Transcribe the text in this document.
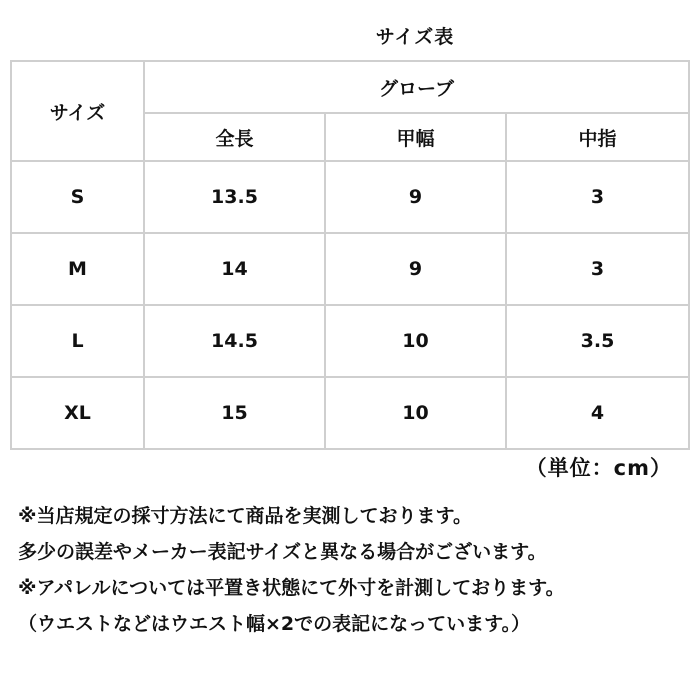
サイズ表
サイズ	グローブ		
	全長	甲幅	中指
S	13.5	9	3
M	14	9	3
L	14.5	10	3.5
XL	15	10	4
（単位：cm）
※当店規定の採寸方法にて商品を実測しております。
多少の誤差やメーカー表記サイズと異なる場合がございます。
※アパレルについては平置き状態にて外寸を計測しております。
（ウエストなどはウエスト幅×2での表記になっています。）
